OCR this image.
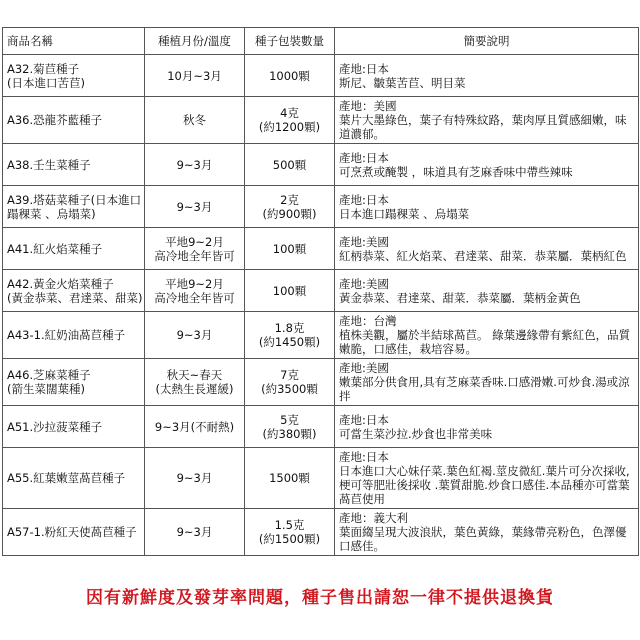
商品名稱	種植月份/溫度	種子包裝數量	簡要說明

A32.菊苣種子
(日本進口苦苣)	10月~3月	1000顆	產地:日本
斯尼、皺葉苦苣、明目菜

A36.恐龍芥藍種子	秋冬	4克
(約1200顆)	產地：美國
葉片大墨綠色，葉子有特殊紋路，葉肉厚且質感細嫩，味道濃郁。

A38.壬生菜種子	9~3月	500顆	產地:日本
可烹煮或醃製 ，味道具有芝麻香味中帶些辣味

A39.塔菇菜種子(日本進口
蹋稞菜 、烏塌菜)	9~3月	2克
(約900顆)	產地:日本
日本進口蹋稞菜 、烏塌菜

A41.紅火焰菜種子	平地9~2月
高冷地全年皆可	100顆	產地:美國
紅柄恭菜、紅火焰菜、君達菜、甜菜．恭菜屬．葉柄紅色

A42.黃金火焰菜種子
(黃金恭菜、君達菜、甜菜)	平地9~2月
高冷地全年皆可	100顆	產地:美國
黃金恭菜、君達菜、甜菜．恭菜屬．葉柄金黃色

A43-1.紅奶油萵苣種子	9~3月	1.8克
(約1450顆)	產地：台灣
植株美觀，屬於半結球萵苣。 綠葉邊緣帶有紫紅色，品質嫩脆，口感佳，栽培容易。

A46.芝麻菜種子
(箭生菜闊葉種)	秋天~春天
(太熱生長遲緩)	7克
(約3500顆	產地:美國
嫩葉部分供食用,具有芝麻菜香味.口感滑嫩.可炒食.湯或涼拌

A51.沙拉菠菜種子	9~3月(不耐熱)	5克
(約380顆)	產地:日本
可當生菜沙拉.炒食也非常美味

A55.紅葉嫩莖萵苣種子	9~3月	1500顆	產地:日本
日本進口大心妹仔菜.葉色紅褐.莖皮微紅.葉片可分次採收,梗可等肥壯後採收 .葉質甜脆.炒食口感佳.本品種亦可當葉萵苣使用

A57-1.粉紅天使萵苣種子	9~3月	1.5克
(約1500顆)	產地：義大利
葉面縐呈現大波浪狀，葉色黃綠，葉緣帶亮粉色，色澤優口感佳。
因有新鮮度及發芽率問題，種子售出請恕一律不提供退換貨
